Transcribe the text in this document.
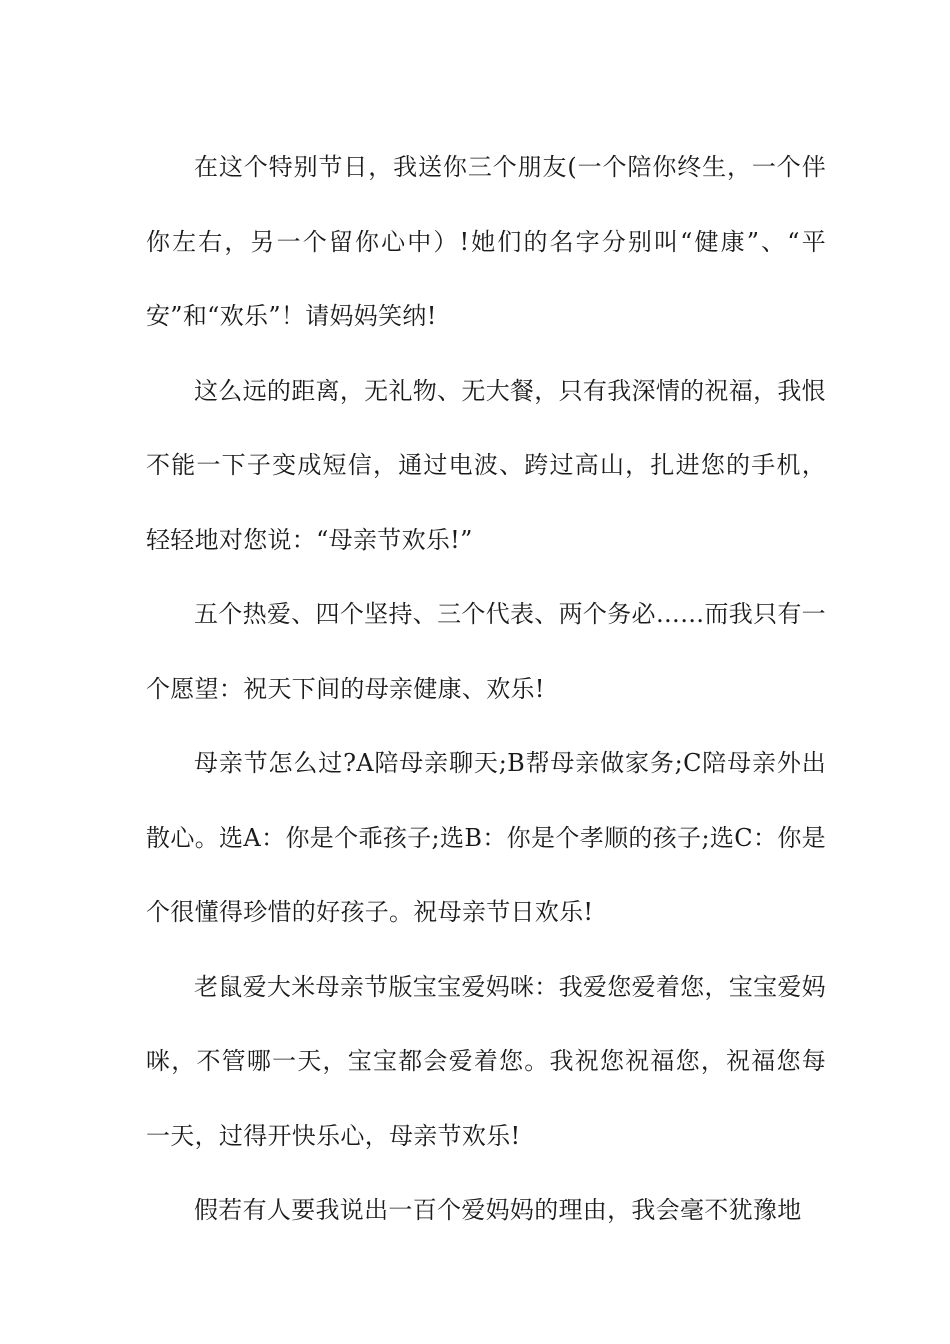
在这个特别节日，我送你三个朋友(一个陪你终生，一个伴你左右，另一个留你心中）!她们的名字分别叫“健康”、“平安”和“欢乐”！请妈妈笑纳!

这么远的距离，无礼物、无大餐，只有我深情的祝福，我恨不能一下子变成短信，通过电波、跨过高山，扎进您的手机，轻轻地对您说：“母亲节欢乐!”

五个热爱、四个坚持、三个代表、两个务必……而我只有一个愿望：祝天下间的母亲健康、欢乐!

母亲节怎么过?A陪母亲聊天;B帮母亲做家务;C陪母亲外出散心。选A：你是个乖孩子;选B：你是个孝顺的孩子;选C：你是个很懂得珍惜的好孩子。祝母亲节日欢乐!

老鼠爱大米母亲节版宝宝爱妈咪：我爱您爱着您，宝宝爱妈咪，不管哪一天，宝宝都会爱着您。我祝您祝福您，祝福您每一天，过得开快乐心，母亲节欢乐!

假若有人要我说出一百个爱妈妈的理由，我会毫不犹豫地
